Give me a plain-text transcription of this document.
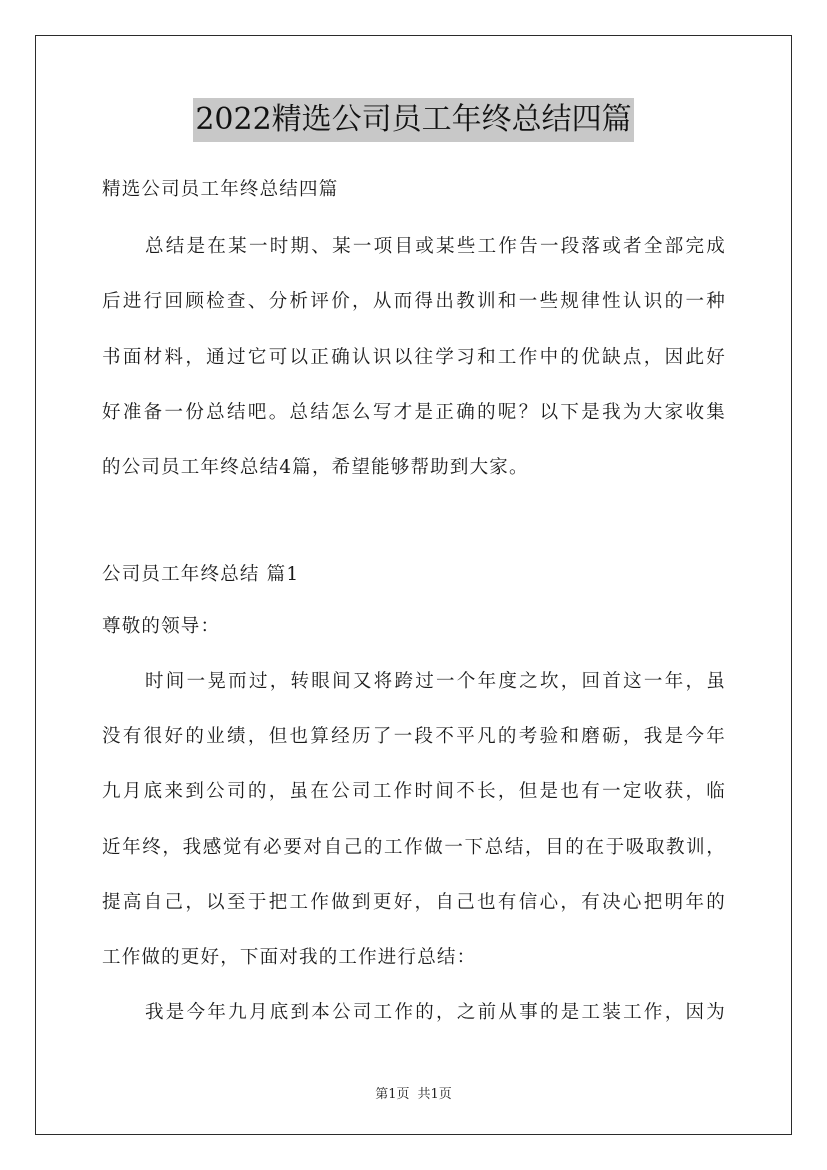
2022精选公司员工年终总结四篇
精选公司员工年终总结四篇
总结是在某一时期、某一项目或某些工作告一段落或者全部完成
后进行回顾检查、分析评价，从而得出教训和一些规律性认识的一种
书面材料，通过它可以正确认识以往学习和工作中的优缺点，因此好
好准备一份总结吧。总结怎么写才是正确的呢？以下是我为大家收集
的公司员工年终总结4篇，希望能够帮助到大家。
公司员工年终总结 篇1
尊敬的领导：
时间一晃而过，转眼间又将跨过一个年度之坎，回首这一年，虽
没有很好的业绩，但也算经历了一段不平凡的考验和磨砺，我是今年
九月底来到公司的，虽在公司工作时间不长，但是也有一定收获，临
近年终，我感觉有必要对自己的工作做一下总结，目的在于吸取教训，
提高自己，以至于把工作做到更好，自己也有信心，有决心把明年的
工作做的更好，下面对我的工作进行总结：
我是今年九月底到本公司工作的，之前从事的是工装工作，因为
第1页 共1页
